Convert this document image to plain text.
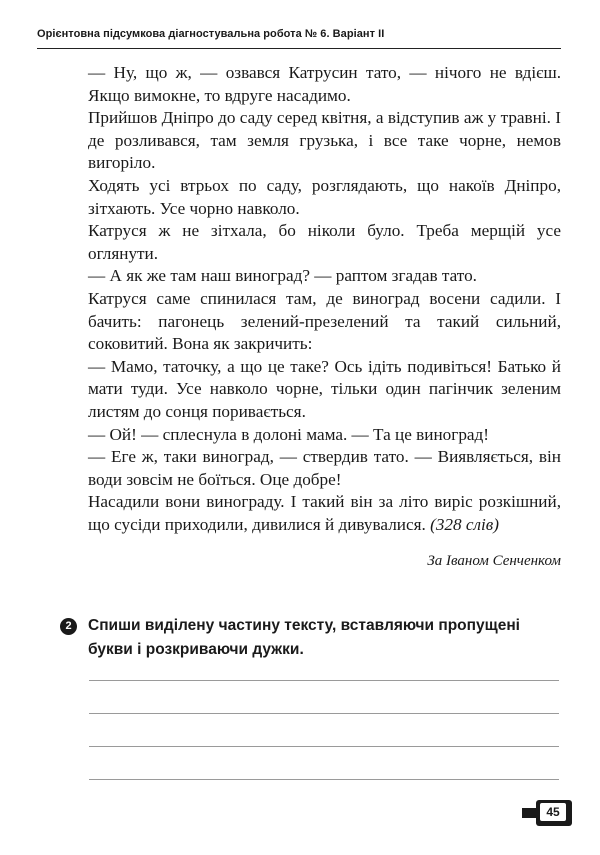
Орієнтовна підсумкова діагностувальна робота № 6. Варіант ІІ

— Ну, що ж, — озвався Катрусин тато, — нічого не вдієш. Якщо вимокне, то вдруге насадимо.

Прийшов Дніпро до саду серед квітня, а відступив аж у травні. І де розливався, там земля грузька, і все таке чорне, немов вигоріло.

Ходять усі втрьох по саду, розглядають, що накоїв Дніпро, зітхають. Усе чорно навколо.

Катруся ж не зітхала, бо ніколи було. Треба мерщій усе оглянути.

— А як же там наш виноград? — раптом згадав тато.

Катруся саме спинилася там, де виноград восени садили. І бачить: пагонець зелений-презелений та такий сильний, соковитий. Вона як закричить:

— Мамо, таточку, а що це таке? Ось ідіть подивіться! Батько й мати туди. Усе навколо чорне, тільки один пагінчик зеленим листям до сонця поривається.

— Ой! — сплеснула в долоні мама. — Та це виноград!

— Еге ж, таки виноград, — ствердив тато. — Виявляється, він води зовсім не боїться. Оце добре!

Насадили вони винограду. І такий він за літо виріс розкішний, що сусіди приходили, дивилися й дивувалися. (328 слів)

За Іваном Сенченком
2	Спиши виділену частину тексту, вставляючи пропущені букви і розкриваючи дужки.
45
